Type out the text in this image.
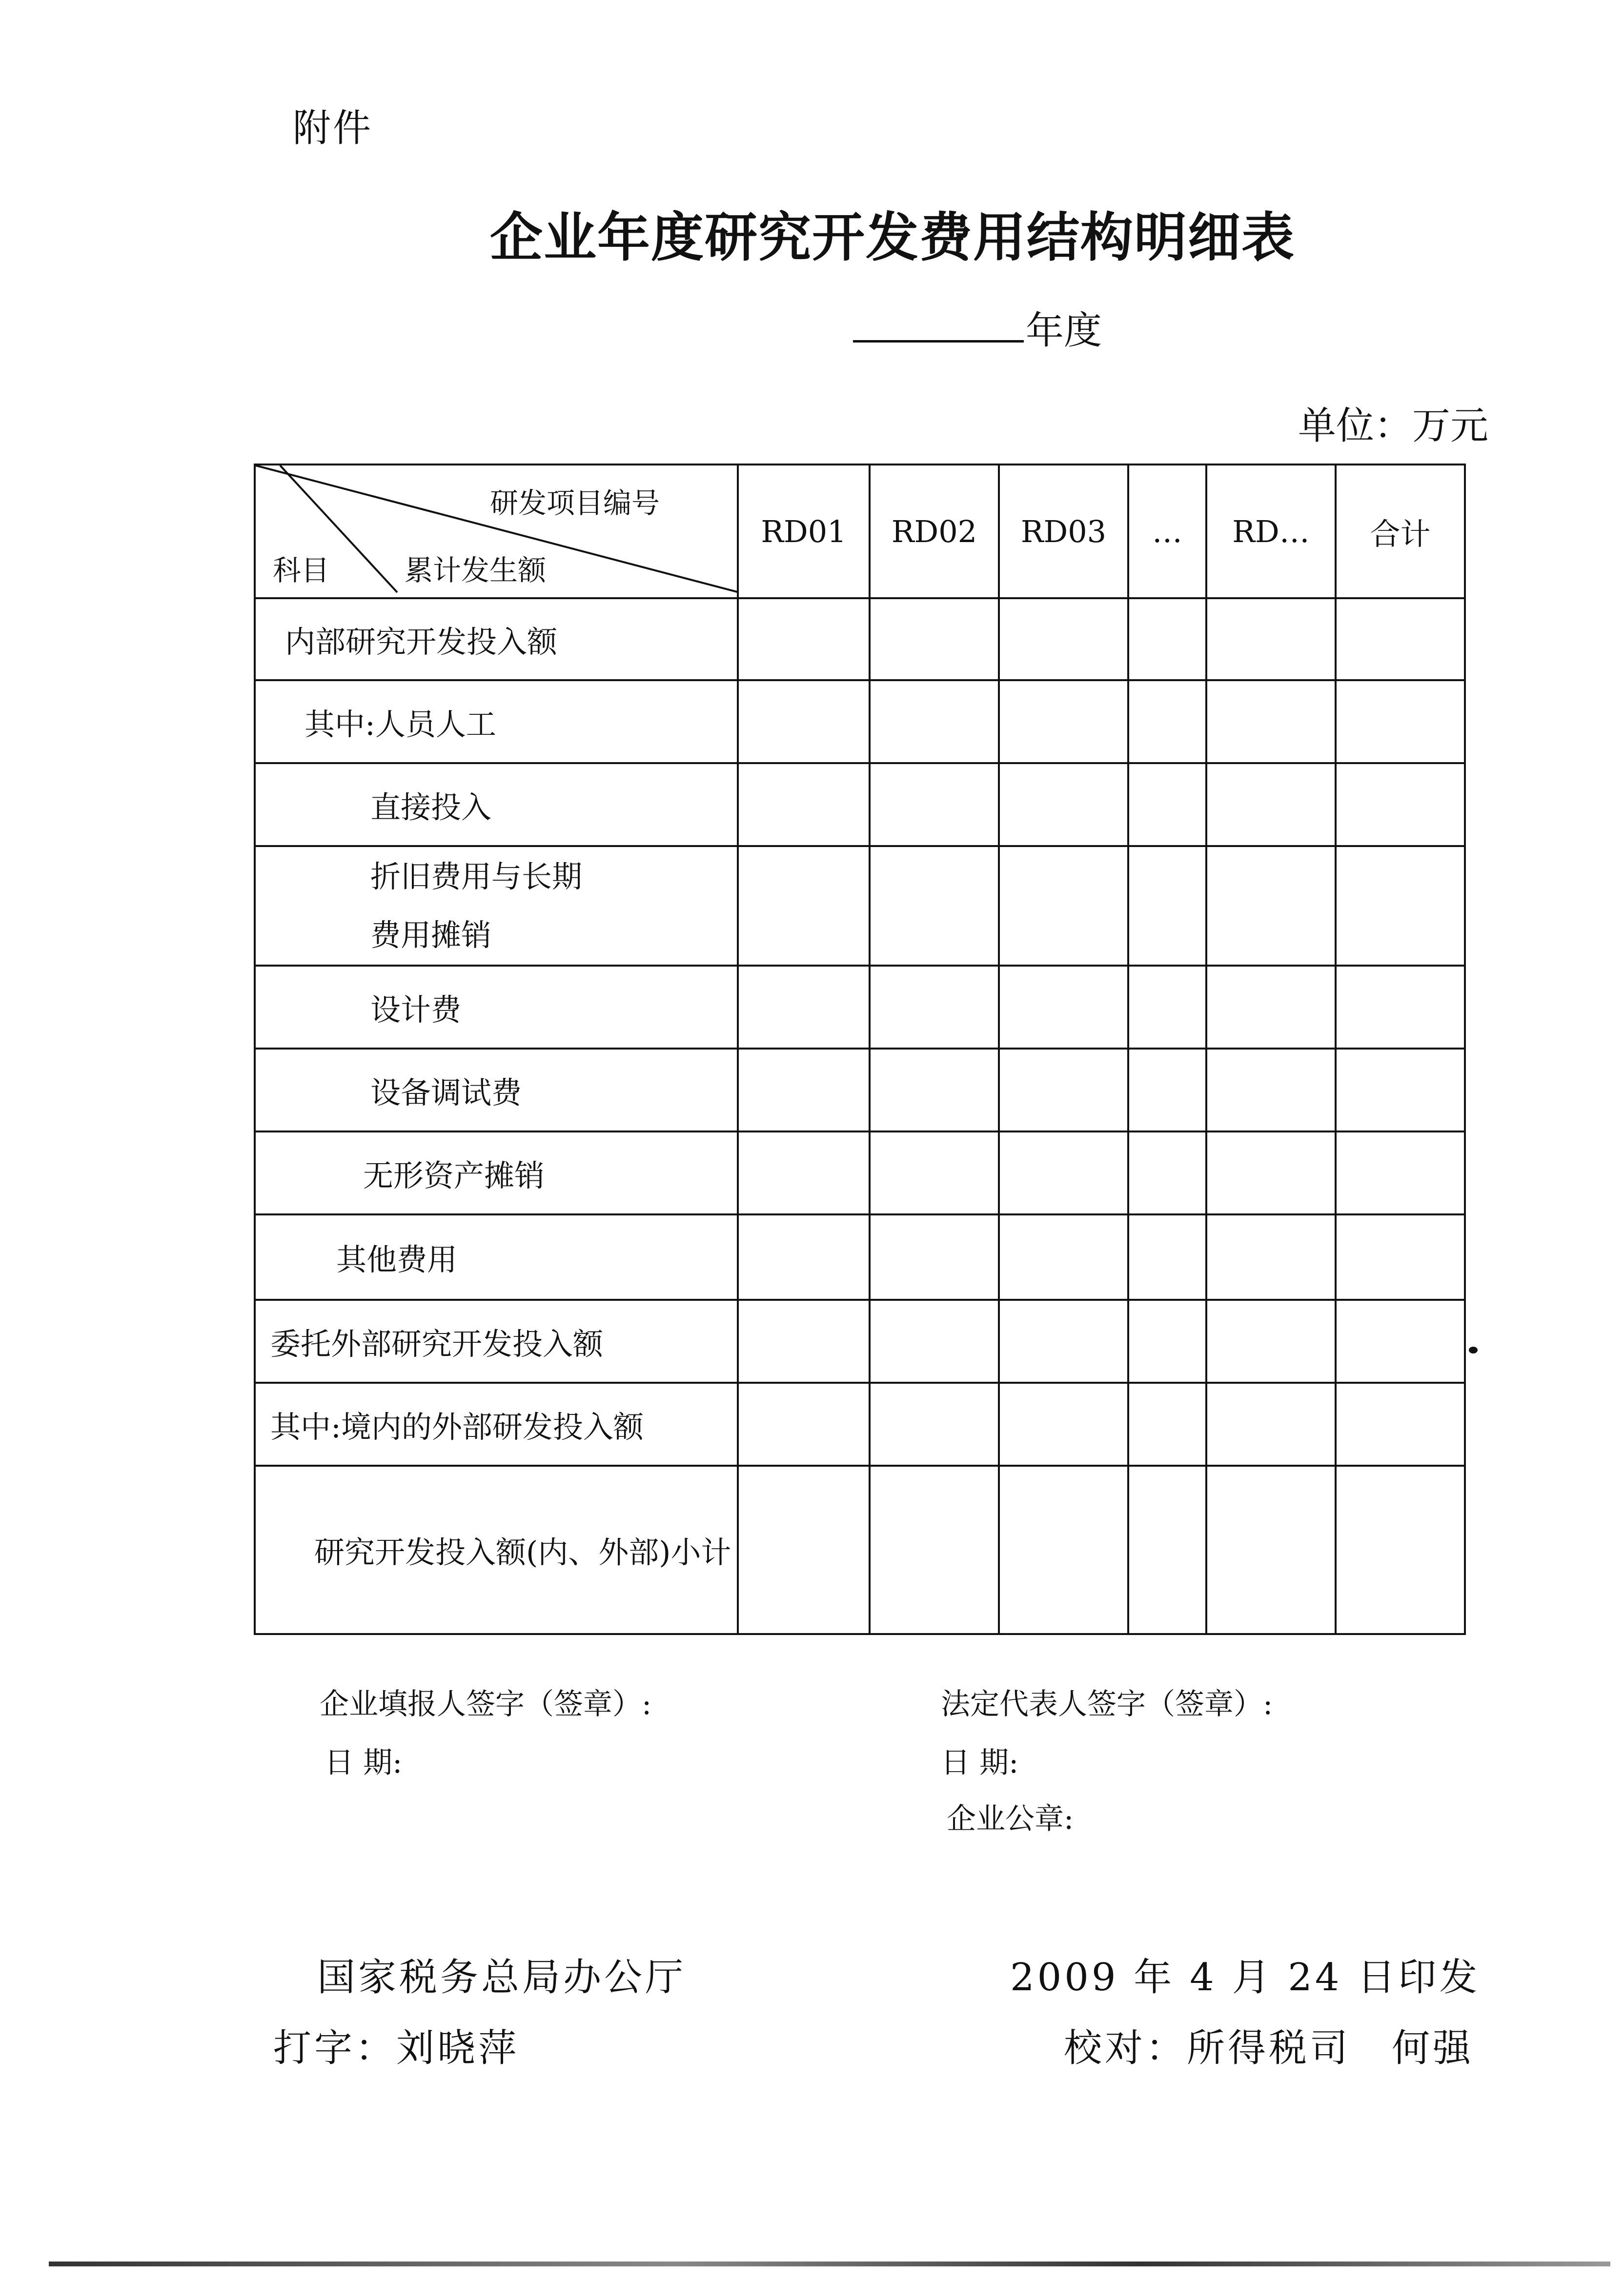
附件
企业年度研究开发费用结构明细表
年度
单位：万元
研发项目编号
科目 累计发生额	RD01	RD02	RD03	…	RD…	合计
内部研究开发投入额						
其中:人员人工						
直接投入						

折旧费用与长期
费用摊销						

设计费						
设备调试费						
无形资产摊销						
其他费用						
委托外部研究开发投入额						
其中:境内的外部研发投入额						
研究开发投入额(内、外部)小计						
企业填报人签字（签章）:
日 期:
法定代表人签字（签章）:
日 期:
企业公章:
国家税务总局办公厅	2009 年 4 月 24 日印发
打字：刘晓萍	校对：所得税司　何强
